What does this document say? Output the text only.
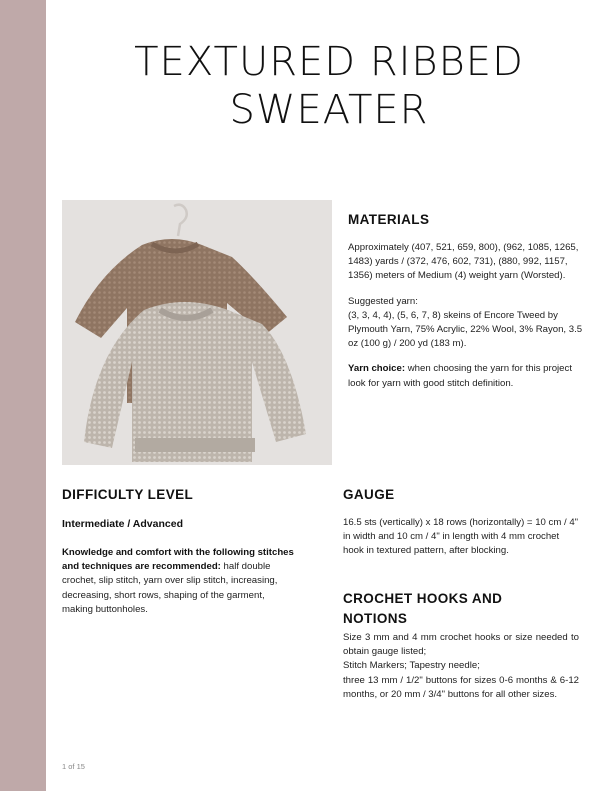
TEXTURED RIBBED
SWEATER
MATERIALS

Approximately (407, 521, 659, 800), (962, 1085, 1265, 1483) yards / (372, 476, 602, 731), (880, 992, 1157, 1356) meters of Medium (4) weight yarn (Worsted).

Suggested yarn:
(3, 3, 4, 4), (5, 6, 7, 8) skeins of Encore Tweed by Plymouth Yarn, 75% Acrylic, 22% Wool, 3% Rayon, 3.5 oz (100 g) / 200 yd (183 m).

Yarn choice: when choosing the yarn for this project look for yarn with good stitch definition.

DIFFICULTY LEVEL
Intermediate / Advanced

Knowledge and comfort with the following stitches and techniques are recommended: half double crochet, slip stitch, yarn over slip stitch, increasing, decreasing, short rows, shaping of the garment, making buttonholes.

GAUGE
16.5 sts (vertically) x 18 rows (horizontally) = 10 cm / 4" in width and 10 cm / 4" in length with 4 mm crochet hook in textured pattern, after blocking.
CROCHET HOOKS AND
NOTIONS
Size 3 mm and 4 mm crochet hooks or size needed to obtain gauge listed;
Stitch Markers; Tapestry needle;
three 13 mm / 1/2" buttons for sizes 0-6 months & 6-12 months, or 20 mm / 3/4" buttons for all other sizes.
1 of 15
